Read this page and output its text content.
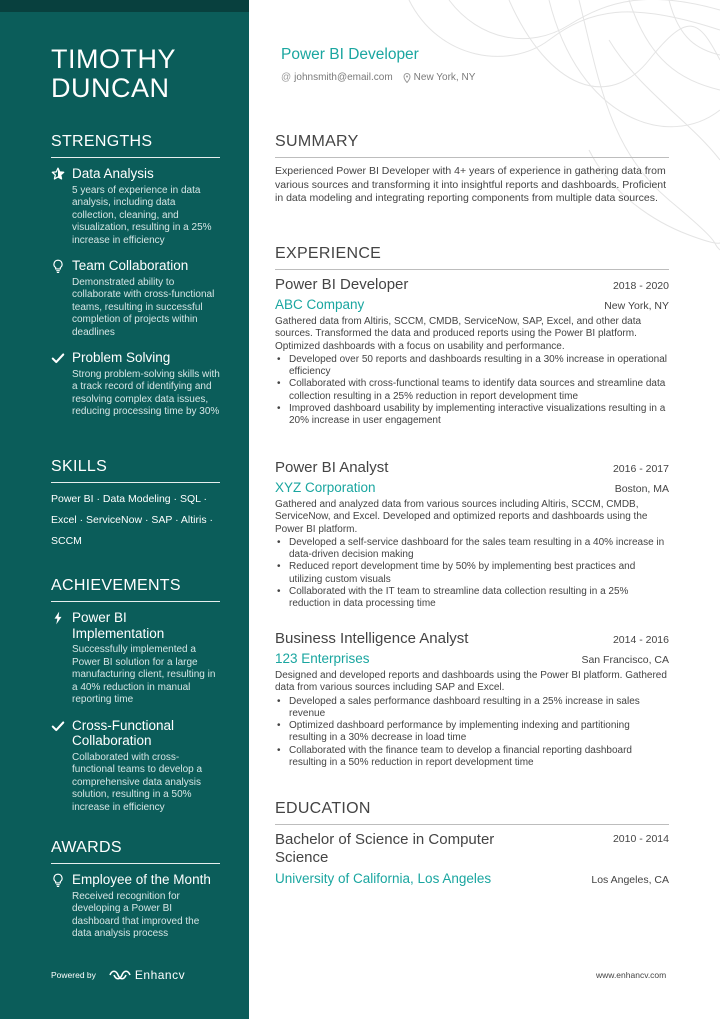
TIMOTHY DUNCAN
STRENGTHS
Data Analysis
5 years of experience in data analysis, including data collection, cleaning, and visualization, resulting in a 25% increase in efficiency
Team Collaboration
Demonstrated ability to collaborate with cross-functional teams, resulting in successful completion of projects within deadlines
Problem Solving
Strong problem-solving skills with a track record of identifying and resolving complex data issues, reducing processing time by 30%
SKILLS
Power BI · Data Modeling · SQL · Excel · ServiceNow · SAP · Altiris · SCCM
ACHIEVEMENTS
Power BI Implementation
Successfully implemented a Power BI solution for a large manufacturing client, resulting in a 40% reduction in manual reporting time
Cross-Functional Collaboration
Collaborated with cross-functional teams to develop a comprehensive data analysis solution, resulting in a 50% increase in efficiency
AWARDS
Employee of the Month
Received recognition for developing a Power BI dashboard that improved the data analysis process
Powered by	Enhancv
Power BI Developer
@ johnsmith@email.com New York, NY
SUMMARY
Experienced Power BI Developer with 4+ years of experience in gathering data from various sources and transforming it into insightful reports and dashboards. Proficient in data modeling and integrating reporting components from multiple data sources.
EXPERIENCE
Power BI Developer	2018 - 2020
ABC Company	New York, NY
Gathered data from Altiris, SCCM, CMDB, ServiceNow, SAP, Excel, and other data sources. Transformed the data and produced reports using the Power BI platform. Optimized dashboards with a focus on usability and performance.
• Developed over 50 reports and dashboards resulting in a 30% increase in operational efficiency
• Collaborated with cross-functional teams to identify data sources and streamline data collection resulting in a 25% reduction in report development time
• Improved dashboard usability by implementing interactive visualizations resulting in a 20% increase in user engagement
Power BI Analyst	2016 - 2017
XYZ Corporation	Boston, MA
Gathered and analyzed data from various sources including Altiris, SCCM, CMDB, ServiceNow, and Excel. Developed and optimized reports and dashboards using the Power BI platform.
• Developed a self-service dashboard for the sales team resulting in a 40% increase in data-driven decision making
• Reduced report development time by 50% by implementing best practices and utilizing custom visuals
• Collaborated with the IT team to streamline data collection resulting in a 25% reduction in data processing time
Business Intelligence Analyst	2014 - 2016
123 Enterprises	San Francisco, CA
Designed and developed reports and dashboards using the Power BI platform. Gathered data from various sources including SAP and Excel.
• Developed a sales performance dashboard resulting in a 25% increase in sales revenue
• Optimized dashboard performance by implementing indexing and partitioning resulting in a 30% decrease in load time
• Collaborated with the finance team to develop a financial reporting dashboard resulting in a 50% reduction in report development time
EDUCATION
Bachelor of Science in Computer Science
2010 - 2014
University of California, Los Angeles	Los Angeles, CA
www.enhancv.com
